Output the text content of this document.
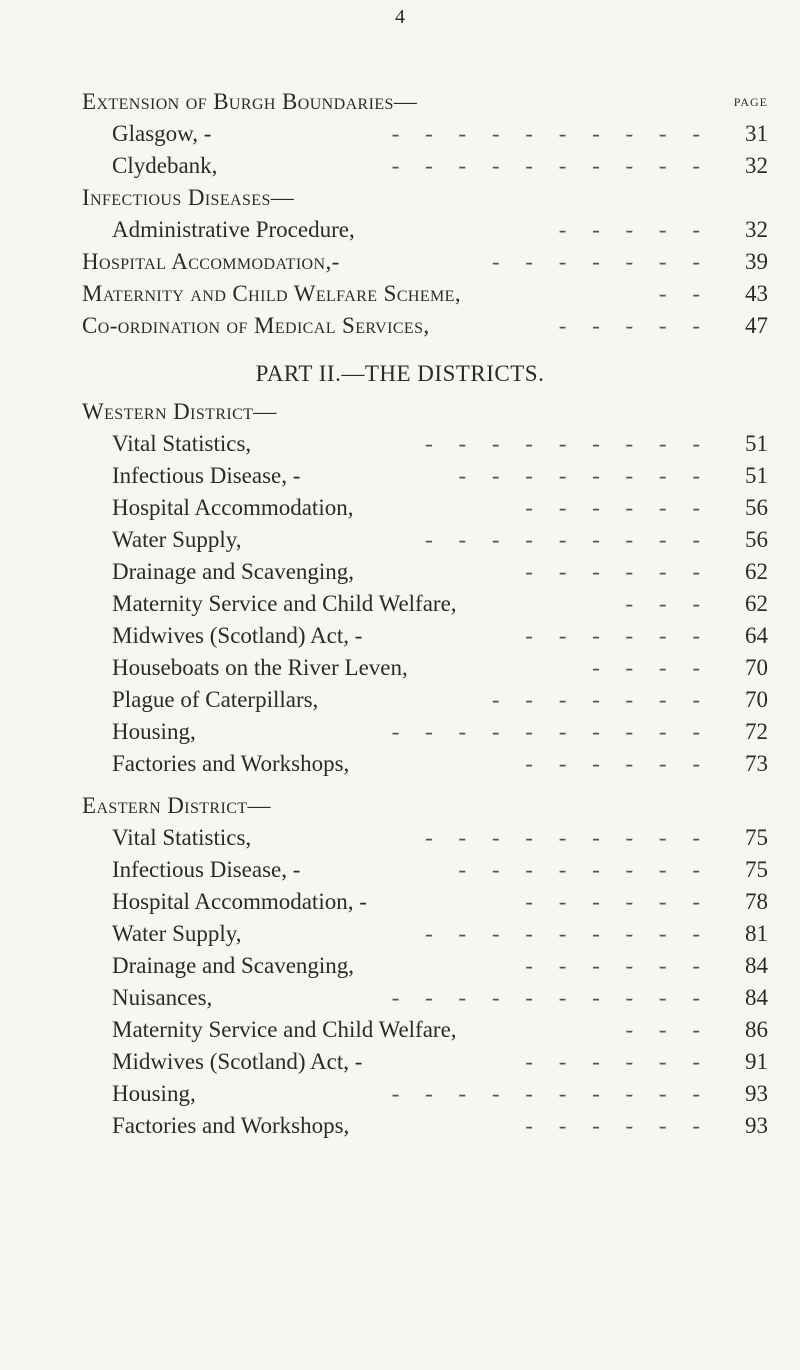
4
Extension of Burgh Boundaries—	PAGE
Glasgow, -	- - - - - - - - - -	31
Clydebank,	- - - - - - - - - -	32
Infectious Diseases—
Administrative Procedure,	- - - - -	32
Hospital Accommodation,-	- - - - - - -	39
Maternity and Child Welfare Scheme,	- -	43
Co-ordination of Medical Services,	- - - - -	47
PART II.—THE DISTRICTS.
Western District—
Vital Statistics,	- - - - - - - - -	51
Infectious Disease, -	- - - - - - - -	51
Hospital Accommodation,	- - - - - -	56
Water Supply,	- - - - - - - - -	56
Drainage and Scavenging,	- - - - - -	62
Maternity Service and Child Welfare,	- - -	62
Midwives (Scotland) Act, -	- - - - - -	64
Houseboats on the River Leven,	- - - -	70
Plague of Caterpillars,	- - - - - - -	70
Housing,	- - - - - - - - - -	72
Factories and Workshops,	- - - - - -	73
Eastern District—
Vital Statistics,	- - - - - - - - -	75
Infectious Disease, -	- - - - - - - -	75
Hospital Accommodation, -	- - - - - -	78
Water Supply,	- - - - - - - - -	81
Drainage and Scavenging,	- - - - - -	84
Nuisances,	- - - - - - - - - -	84
Maternity Service and Child Welfare,	- - -	86
Midwives (Scotland) Act, -	- - - - - -	91
Housing,	- - - - - - - - - -	93
Factories and Workshops,	- - - - - -	93
